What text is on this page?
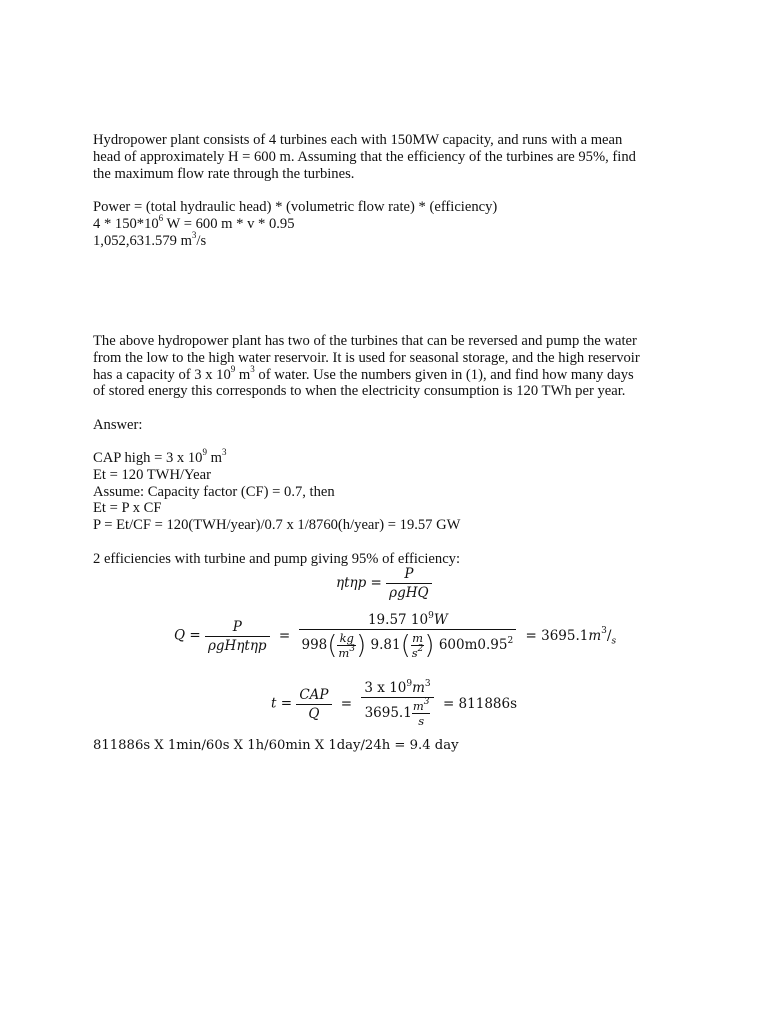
Hydropower plant consists of 4 turbines each with 150MW capacity, and runs with a mean
head of approximately H = 600 m. Assuming that the efficiency of the turbines are 95%, find
the maximum flow rate through the turbines.
Power = (total hydraulic head) * (volumetric flow rate) * (efficiency)
$4 * 150*10^6$ W = 600 m * v * 0.95
1,052,631.579 $m^3/s$
The above hydropower plant has two of the turbines that can be reversed and pump the water
from the low to the high water reservoir. It is used for seasonal storage, and the high reservoir
has a capacity of 3 x $10^9$ $m^3$ of water. Use the numbers given in (1), and find how many days
of stored energy this corresponds to when the electricity consumption is 120 TWh per year.
Answer:
CAP high = 3 x $10^9$ $m^3$
Et = 120 TWH/Year
Assume: Capacity factor (CF) = 0.7, then
Et = P x CF
P = Et/CF = 120(TWH/year)/0.7 x 1/8760(h/year) = 19.57 GW
2 efficiencies with turbine and pump giving 95% of efficiency:
$\eta t\eta p = \frac{P}{\text{ρgHQ}}$
$Q = \frac{P}{\text{ρgHηtηp}} = \frac{19.57 10^9W}{998( \frac{kg}{m^3} ) 9.81( \frac{m}{s^2} ) 600m0.95^2} = 3695.1m^3/_s$
$t = \frac{\text{CAP}}{Q} = \frac{3 x 10^9m^3}{3695.1 \frac{m^3}{s}} = 811886s$
811886s X 1min/60s X 1h/60min X 1day/24h = 9.4 day
